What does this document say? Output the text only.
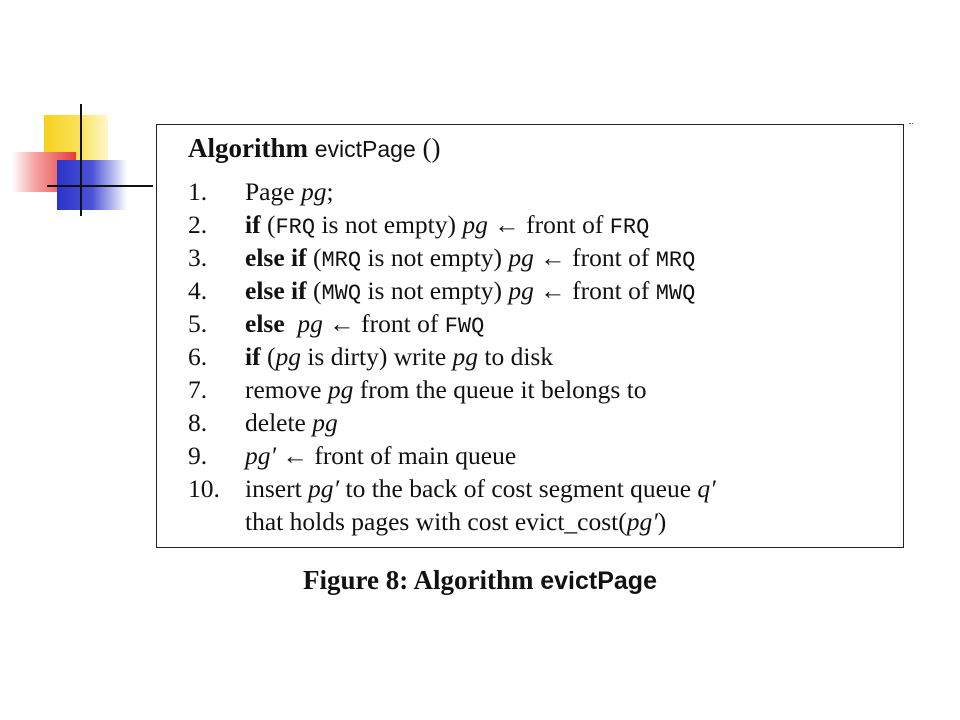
Algorithm evictPage ()
1. Page pg;
2. if (FRQ is not empty) pg ← front of FRQ
3. else if (MRQ is not empty) pg ← front of MRQ
4. else if (MWQ is not empty) pg ← front of MWQ
5. else pg ← front of FWQ
6. if (pg is dirty) write pg to disk
7. remove pg from the queue it belongs to
8. delete pg
9. pg′ ← front of main queue
10. insert pg′ to the back of cost segment queue q′
that holds pages with cost evict_cost(pg′)
Figure 8: Algorithm evictPage
